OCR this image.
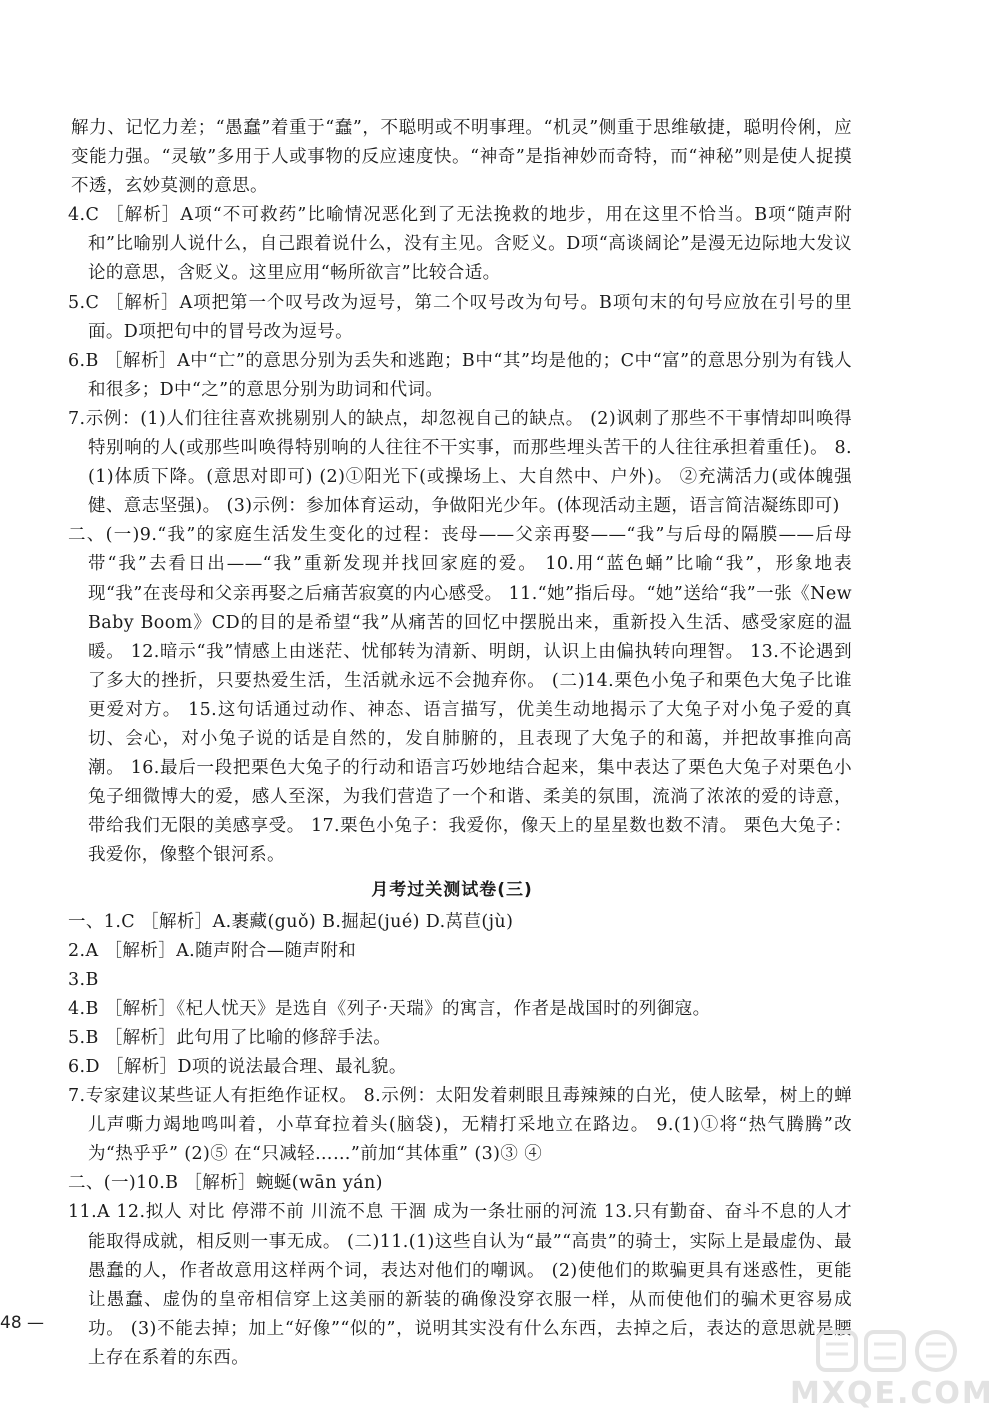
解力、记忆力差；“愚蠢”着重于“蠢”，不聪明或不明事理。“机灵”侧重于思维敏捷，聪明伶俐，应变能力强。“灵敏”多用于人或事物的反应速度快。“神奇”是指神妙而奇特，而“神秘”则是使人捉摸不透，玄妙莫测的意思。

4.C ［解析］A项“不可救药”比喻情况恶化到了无法挽救的地步，用在这里不恰当。B项“随声附和”比喻别人说什么，自己跟着说什么，没有主见。含贬义。D项“高谈阔论”是漫无边际地大发议论的意思，含贬义。这里应用“畅所欲言”比较合适。

5.C ［解析］A项把第一个叹号改为逗号，第二个叹号改为句号。B项句末的句号应放在引号的里面。D项把句中的冒号改为逗号。

6.B ［解析］A中“亡”的意思分别为丢失和逃跑；B中“其”均是他的；C中“富”的意思分别为有钱人和很多；D中“之”的意思分别为助词和代词。

7.示例：(1)人们往往喜欢挑剔别人的缺点，却忽视自己的缺点。 (2)讽刺了那些不干事情却叫唤得特别响的人(或那些叫唤得特别响的人往往不干实事，而那些埋头苦干的人往往承担着重任)。 8.(1)体质下降。(意思对即可) (2)①阳光下(或操场上、大自然中、户外)。 ②充满活力(或体魄强健、意志坚强)。 (3)示例：参加体育运动，争做阳光少年。(体现活动主题，语言简洁凝练即可)

二、(一)9.“我”的家庭生活发生变化的过程：丧母——父亲再娶——“我”与后母的隔膜——后母带“我”去看日出——“我”重新发现并找回家庭的爱。 10.用“蓝色蛹”比喻“我”，形象地表现“我”在丧母和父亲再娶之后痛苦寂寞的内心感受。 11.“她”指后母。“她”送给“我”一张《New Baby Boom》CD的目的是希望“我”从痛苦的回忆中摆脱出来，重新投入生活、感受家庭的温暖。 12.暗示“我”情感上由迷茫、忧郁转为清新、明朗，认识上由偏执转向理智。 13.不论遇到了多大的挫折，只要热爱生活，生活就永远不会抛弃你。 (二)14.栗色小兔子和栗色大兔子比谁更爱对方。 15.这句话通过动作、神态、语言描写，优美生动地揭示了大兔子对小兔子爱的真切、会心，对小兔子说的话是自然的，发自肺腑的，且表现了大兔子的和蔼，并把故事推向高潮。 16.最后一段把栗色大兔子的行动和语言巧妙地结合起来，集中表达了栗色大兔子对栗色小兔子细微博大的爱，感人至深，为我们营造了一个和谐、柔美的氛围，流淌了浓浓的爱的诗意，带给我们无限的美感享受。 17.栗色小兔子：我爱你，像天上的星星数也数不清。 栗色大兔子：我爱你，像整个银河系。

月考过关测试卷(三)

一、1.C ［解析］A.裹藏(guǒ) B.掘起(jué) D.莴苣(jù)

2.A ［解析］A.随声附合—随声附和

3.B

4.B ［解析］《杞人忧天》是选自《列子·天瑞》的寓言，作者是战国时的列御寇。

5.B ［解析］此句用了比喻的修辞手法。

6.D ［解析］D项的说法最合理、最礼貌。

7.专家建议某些证人有拒绝作证权。 8.示例：太阳发着刺眼且毒辣辣的白光，使人眩晕，树上的蝉儿声嘶力竭地鸣叫着，小草耷拉着头(脑袋)，无精打采地立在路边。 9.(1)①将“热气腾腾”改为“热乎乎” (2)⑤ 在“只减轻……”前加“其体重” (3)③ ④

二、(一)10.B ［解析］蜿蜒(wān yán)

11.A 12.拟人 对比 停滞不前 川流不息 干涸 成为一条壮丽的河流 13.只有勤奋、奋斗不息的人才能取得成就，相反则一事无成。 (二)11.(1)这些自认为“最”“高贵”的骑士，实际上是最虚伪、最愚蠢的人，作者故意用这样两个词，表达对他们的嘲讽。 (2)使他们的欺骗更具有迷惑性，更能让愚蠢、虚伪的皇帝相信穿上这美丽的新装的确像没穿衣服一样，从而使他们的骗术更容易成功。 (3)不能去掉；加上“好像”“似的”，说明其实没有什么东西，去掉之后，表达的意思就是腰上存在系着的东西。

48 —
MXQE.COM
